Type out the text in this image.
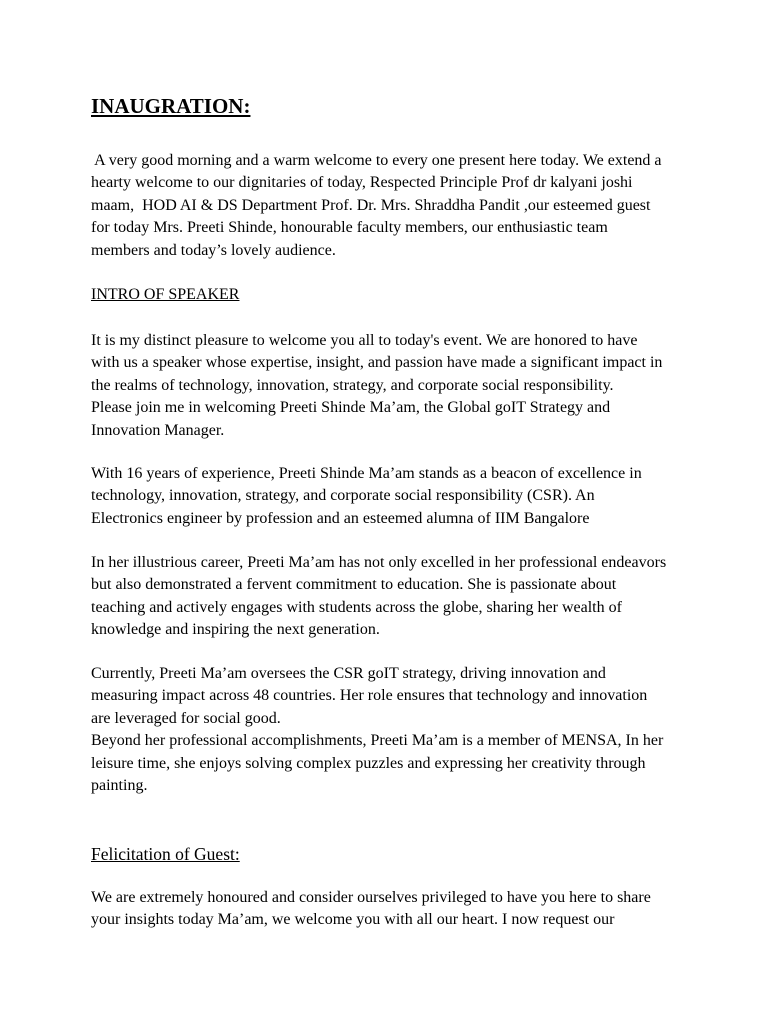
INAUGRATION:
A very good morning and a warm welcome to every one present here today. We extend a
hearty welcome to our dignitaries of today, Respected Principle Prof dr kalyani joshi
maam,  HOD AI & DS Department Prof. Dr. Mrs. Shraddha Pandit ,our esteemed guest
for today Mrs. Preeti Shinde, honourable faculty members, our enthusiastic team
members and today’s lovely audience.
INTRO OF SPEAKER
It is my distinct pleasure to welcome you all to today's event. We are honored to have
with us a speaker whose expertise, insight, and passion have made a significant impact in
the realms of technology, innovation, strategy, and corporate social responsibility.
Please join me in welcoming Preeti Shinde Ma’am, the Global goIT Strategy and
Innovation Manager.
With 16 years of experience, Preeti Shinde Ma’am stands as a beacon of excellence in
technology, innovation, strategy, and corporate social responsibility (CSR). An
Electronics engineer by profession and an esteemed alumna of IIM Bangalore
In her illustrious career, Preeti Ma’am has not only excelled in her professional endeavors
but also demonstrated a fervent commitment to education. She is passionate about
teaching and actively engages with students across the globe, sharing her wealth of
knowledge and inspiring the next generation.
Currently, Preeti Ma’am oversees the CSR goIT strategy, driving innovation and
measuring impact across 48 countries. Her role ensures that technology and innovation
are leveraged for social good.
Beyond her professional accomplishments, Preeti Ma’am is a member of MENSA, In her
leisure time, she enjoys solving complex puzzles and expressing her creativity through
painting.
Felicitation of Guest:
We are extremely honoured and consider ourselves privileged to have you here to share
your insights today Ma’am, we welcome you with all our heart. I now request our
